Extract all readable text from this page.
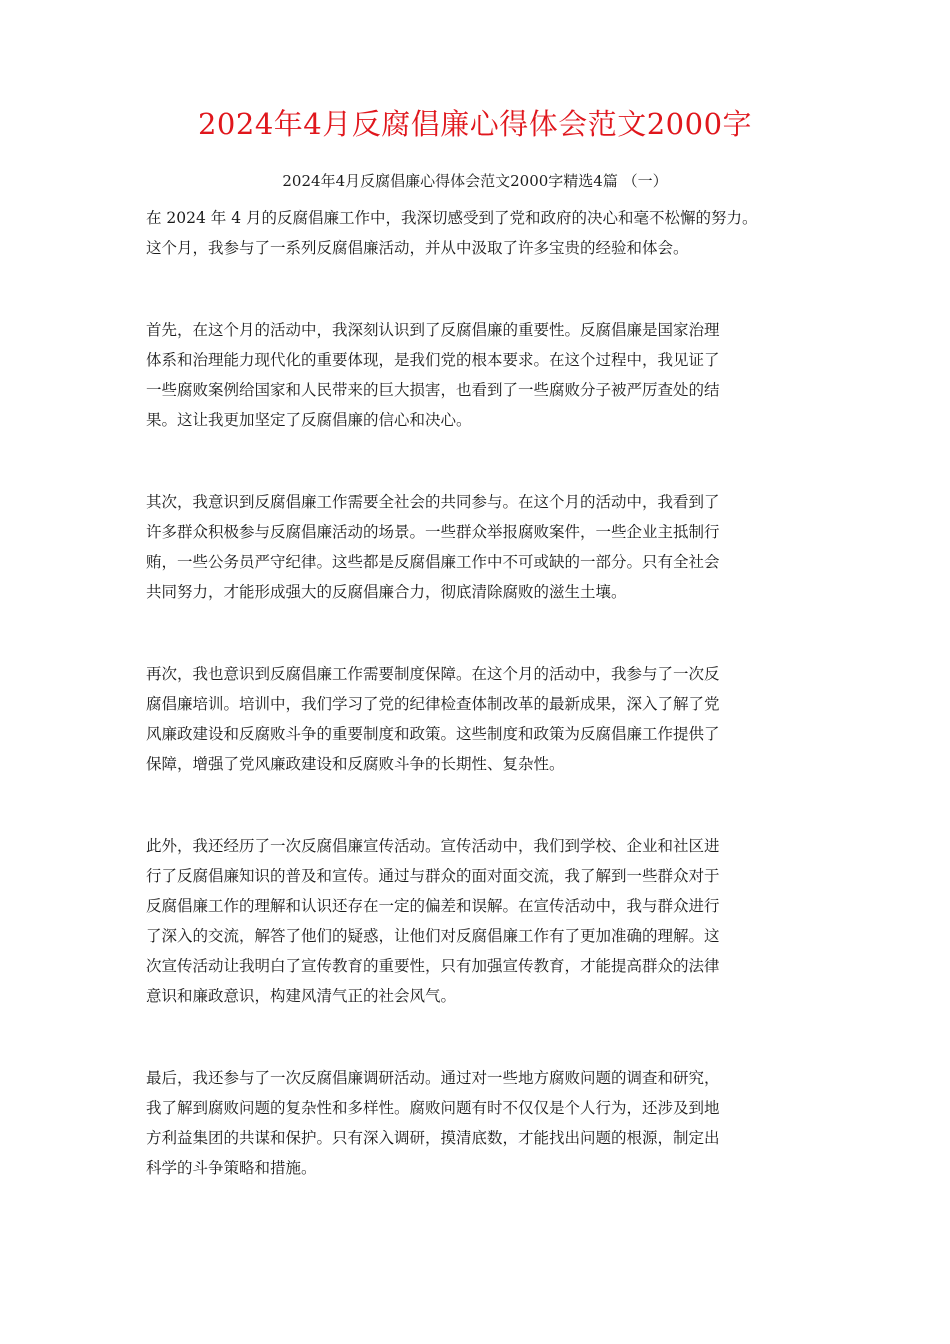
2024年4月反腐倡廉心得体会范文2000字
2024年4月反腐倡廉心得体会范文2000字精选4篇 （一）

在 2024 年 4 月的反腐倡廉工作中，我深切感受到了党和政府的决心和毫不松懈的努力。
这个月，我参与了一系列反腐倡廉活动，并从中汲取了许多宝贵的经验和体会。

首先，在这个月的活动中，我深刻认识到了反腐倡廉的重要性。反腐倡廉是国家治理
体系和治理能力现代化的重要体现，是我们党的根本要求。在这个过程中，我见证了
一些腐败案例给国家和人民带来的巨大损害，也看到了一些腐败分子被严厉查处的结
果。这让我更加坚定了反腐倡廉的信心和决心。

其次，我意识到反腐倡廉工作需要全社会的共同参与。在这个月的活动中，我看到了
许多群众积极参与反腐倡廉活动的场景。一些群众举报腐败案件，一些企业主抵制行
贿，一些公务员严守纪律。这些都是反腐倡廉工作中不可或缺的一部分。只有全社会
共同努力，才能形成强大的反腐倡廉合力，彻底清除腐败的滋生土壤。

再次，我也意识到反腐倡廉工作需要制度保障。在这个月的活动中，我参与了一次反
腐倡廉培训。培训中，我们学习了党的纪律检查体制改革的最新成果，深入了解了党
风廉政建设和反腐败斗争的重要制度和政策。这些制度和政策为反腐倡廉工作提供了
保障，增强了党风廉政建设和反腐败斗争的长期性、复杂性。

此外，我还经历了一次反腐倡廉宣传活动。宣传活动中，我们到学校、企业和社区进
行了反腐倡廉知识的普及和宣传。通过与群众的面对面交流，我了解到一些群众对于
反腐倡廉工作的理解和认识还存在一定的偏差和误解。在宣传活动中，我与群众进行
了深入的交流，解答了他们的疑惑，让他们对反腐倡廉工作有了更加准确的理解。这
次宣传活动让我明白了宣传教育的重要性，只有加强宣传教育，才能提高群众的法律
意识和廉政意识，构建风清气正的社会风气。

最后，我还参与了一次反腐倡廉调研活动。通过对一些地方腐败问题的调查和研究，
我了解到腐败问题的复杂性和多样性。腐败问题有时不仅仅是个人行为，还涉及到地
方利益集团的共谋和保护。只有深入调研，摸清底数，才能找出问题的根源，制定出
科学的斗争策略和措施。
